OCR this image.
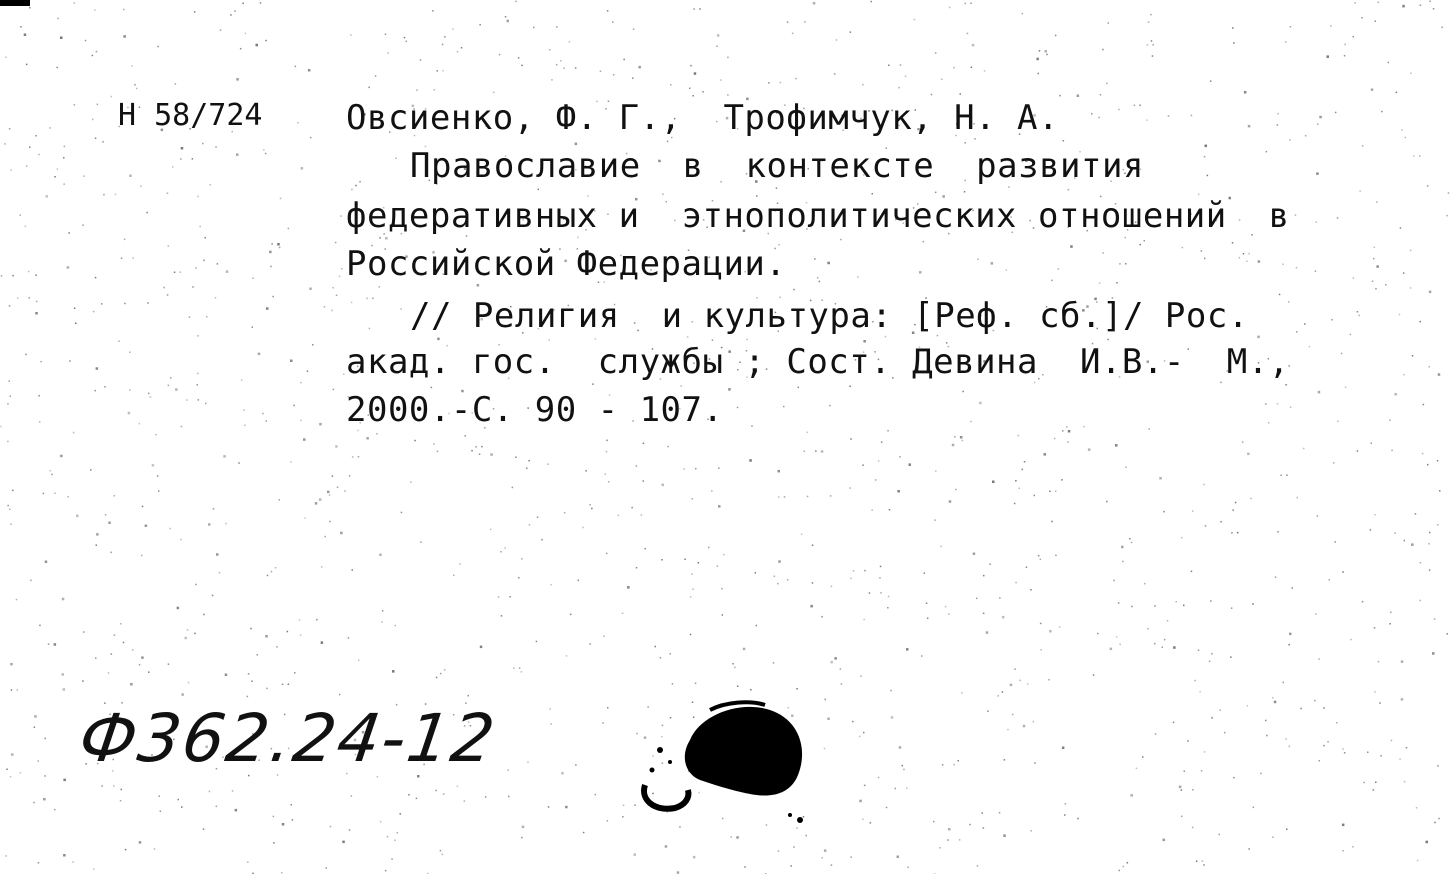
Н 58/724 Овсиенко, Ф. Г.,  Трофимчук, Н. А.
Православие  в  контексте  развития
федеративных и  этнополитических отношений  в
Российской Федерации.
// Религия  и культура: [Реф. сб.]/ Рос.
акад. гос.  службы ; Сост. Девина  И.В.-  М.,
2000.-С. 90 - 107.
Ф362.24-12
